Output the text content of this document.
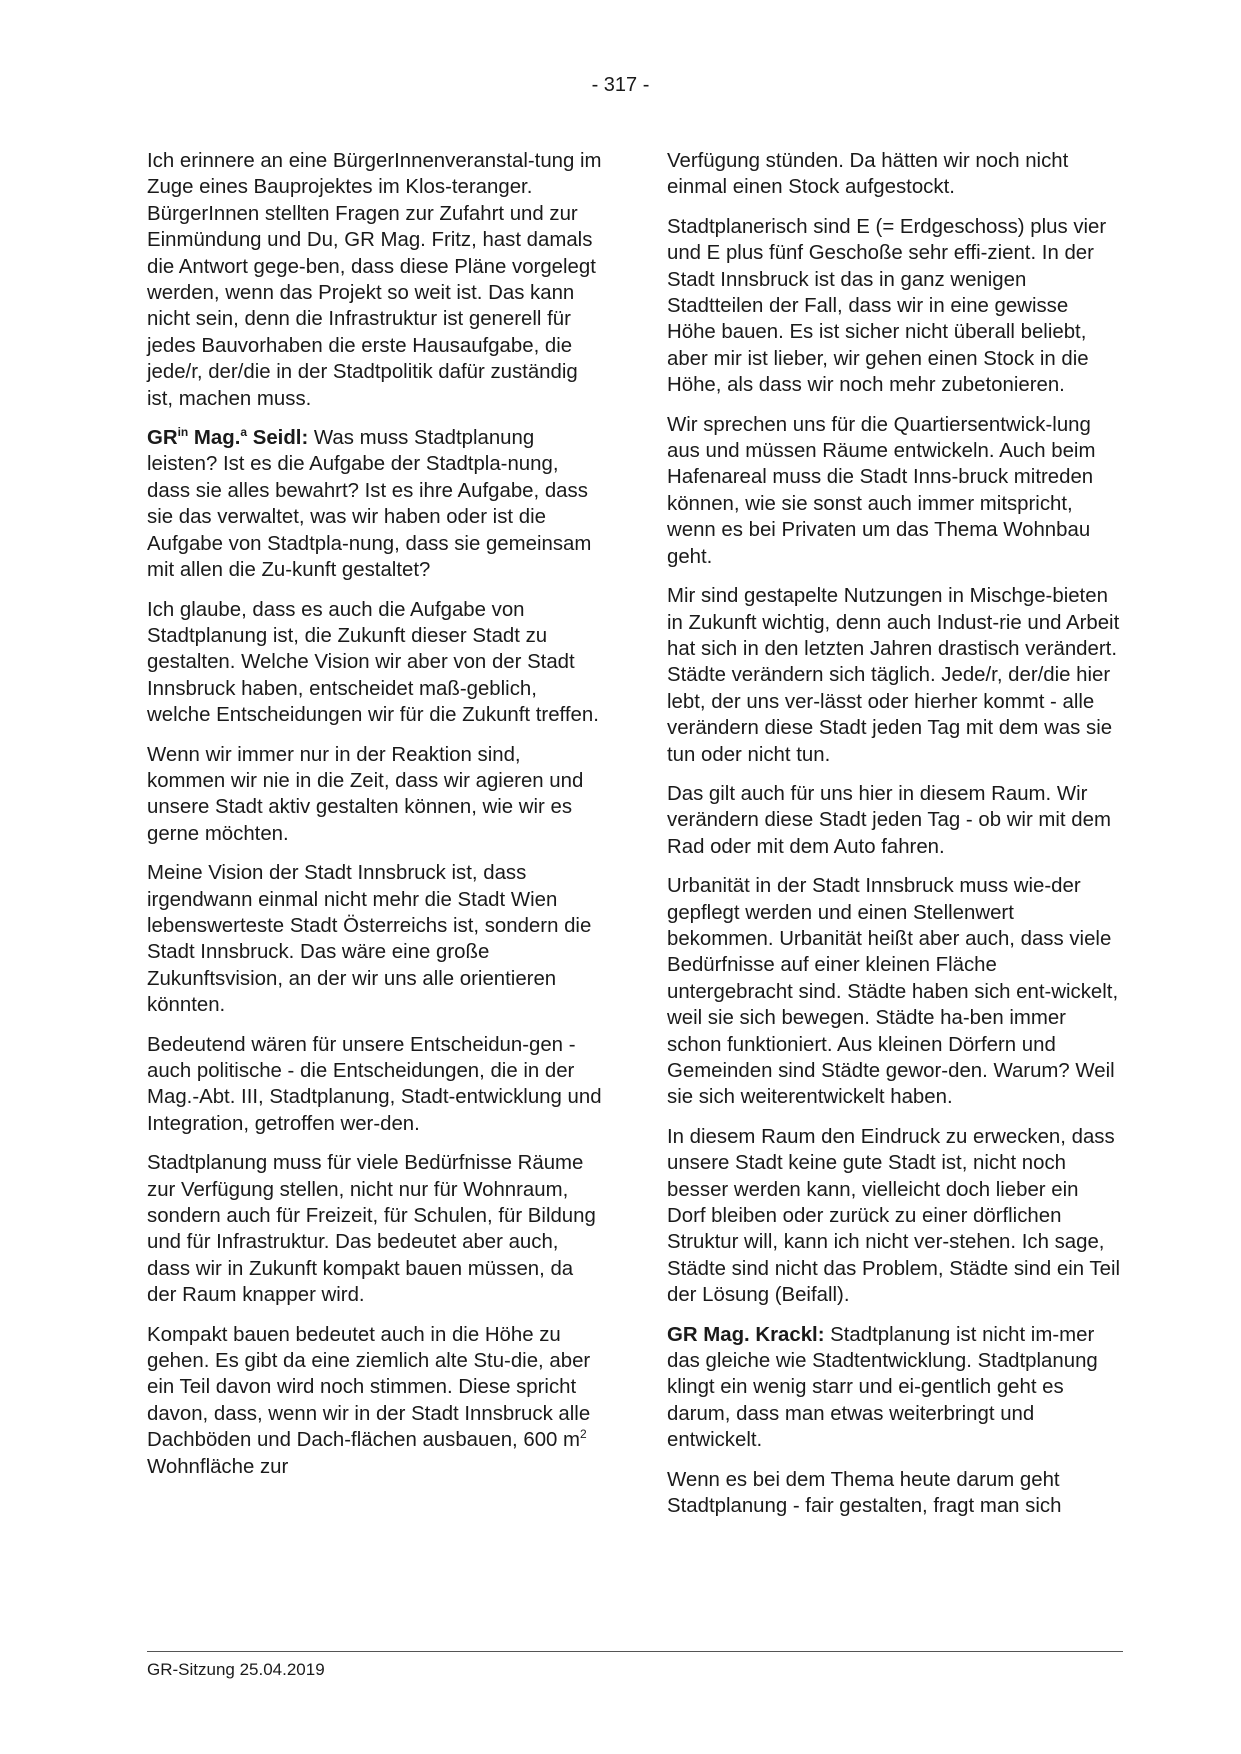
- 317 -

Ich erinnere an eine BürgerInnenveranstal-tung im Zuge eines Bauprojektes im Klos-teranger. BürgerInnen stellten Fragen zur Zufahrt und zur Einmündung und Du, GR Mag. Fritz, hast damals die Antwort gege-ben, dass diese Pläne vorgelegt werden, wenn das Projekt so weit ist. Das kann nicht sein, denn die Infrastruktur ist generell für jedes Bauvorhaben die erste Hausaufgabe, die jede/r, der/die in der Stadtpolitik dafür zuständig ist, machen muss.

$GR^{in}$ Mag.$^a$ Seidl: Was muss Stadtplanung leisten? Ist es die Aufgabe der Stadtpla-nung, dass sie alles bewahrt? Ist es ihre Aufgabe, dass sie das verwaltet, was wir haben oder ist die Aufgabe von Stadtpla-nung, dass sie gemeinsam mit allen die Zu-kunft gestaltet?

Ich glaube, dass es auch die Aufgabe von Stadtplanung ist, die Zukunft dieser Stadt zu gestalten. Welche Vision wir aber von der Stadt Innsbruck haben, entscheidet maß-geblich, welche Entscheidungen wir für die Zukunft treffen.

Wenn wir immer nur in der Reaktion sind, kommen wir nie in die Zeit, dass wir agieren und unsere Stadt aktiv gestalten können, wie wir es gerne möchten.

Meine Vision der Stadt Innsbruck ist, dass irgendwann einmal nicht mehr die Stadt Wien lebenswerteste Stadt Österreichs ist, sondern die Stadt Innsbruck. Das wäre eine große Zukunftsvision, an der wir uns alle orientieren könnten.

Bedeutend wären für unsere Entscheidun-gen - auch politische - die Entscheidungen, die in der Mag.-Abt. III, Stadtplanung, Stadt-entwicklung und Integration, getroffen wer-den.

Stadtplanung muss für viele Bedürfnisse Räume zur Verfügung stellen, nicht nur für Wohnraum, sondern auch für Freizeit, für Schulen, für Bildung und für Infrastruktur. Das bedeutet aber auch, dass wir in Zukunft kompakt bauen müssen, da der Raum knapper wird.

Kompakt bauen bedeutet auch in die Höhe zu gehen. Es gibt da eine ziemlich alte Stu-die, aber ein Teil davon wird noch stimmen. Diese spricht davon, dass, wenn wir in der Stadt Innsbruck alle Dachböden und Dach-flächen ausbauen, 600 $m^2$ Wohnfläche zur

Verfügung stünden. Da hätten wir noch nicht einmal einen Stock aufgestockt.

Stadtplanerisch sind E (= Erdgeschoss) plus vier und E plus fünf Geschoße sehr effi-zient. In der Stadt Innsbruck ist das in ganz wenigen Stadtteilen der Fall, dass wir in eine gewisse Höhe bauen. Es ist sicher nicht überall beliebt, aber mir ist lieber, wir gehen einen Stock in die Höhe, als dass wir noch mehr zubetonieren.

Wir sprechen uns für die Quartiersentwick-lung aus und müssen Räume entwickeln. Auch beim Hafenareal muss die Stadt Inns-bruck mitreden können, wie sie sonst auch immer mitspricht, wenn es bei Privaten um das Thema Wohnbau geht.

Mir sind gestapelte Nutzungen in Mischge-bieten in Zukunft wichtig, denn auch Indust-rie und Arbeit hat sich in den letzten Jahren drastisch verändert. Städte verändern sich täglich. Jede/r, der/die hier lebt, der uns ver-lässt oder hierher kommt - alle verändern diese Stadt jeden Tag mit dem was sie tun oder nicht tun.

Das gilt auch für uns hier in diesem Raum. Wir verändern diese Stadt jeden Tag - ob wir mit dem Rad oder mit dem Auto fahren.

Urbanität in der Stadt Innsbruck muss wie-der gepflegt werden und einen Stellenwert bekommen. Urbanität heißt aber auch, dass viele Bedürfnisse auf einer kleinen Fläche untergebracht sind. Städte haben sich ent-wickelt, weil sie sich bewegen. Städte ha-ben immer schon funktioniert. Aus kleinen Dörfern und Gemeinden sind Städte gewor-den. Warum? Weil sie sich weiterentwickelt haben.

In diesem Raum den Eindruck zu erwecken, dass unsere Stadt keine gute Stadt ist, nicht noch besser werden kann, vielleicht doch lieber ein Dorf bleiben oder zurück zu einer dörflichen Struktur will, kann ich nicht ver-stehen. Ich sage, Städte sind nicht das Problem, Städte sind ein Teil der Lösung (Beifall).

GR Mag. Krackl: Stadtplanung ist nicht im-mer das gleiche wie Stadtentwicklung. Stadtplanung klingt ein wenig starr und ei-gentlich geht es darum, dass man etwas weiterbringt und entwickelt.

Wenn es bei dem Thema heute darum geht Stadtplanung - fair gestalten, fragt man sich

GR-Sitzung 25.04.2019
